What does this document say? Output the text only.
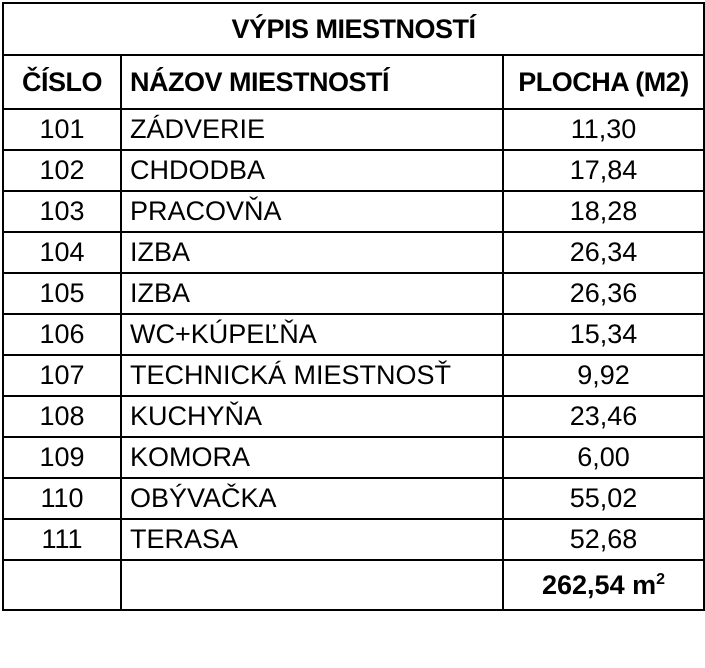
VÝPIS MIESTNOSTÍ		
ČÍSLO	NÁZOV MIESTNOSTÍ	PLOCHA (M2)
101	ZÁDVERIE	11,30
102	CHDODBA	17,84
103	PRACOVŇA	18,28
104	IZBA	26,34
105	IZBA	26,36
106	WC+KÚPEĽŇA	15,34
107	TECHNICKÁ MIESTNOSŤ	9,92
108	KUCHYŇA	23,46
109	KOMORA	6,00
110	OBÝVAČKA	55,02
111	TERASA	52,68
		262,54 $m^2$
